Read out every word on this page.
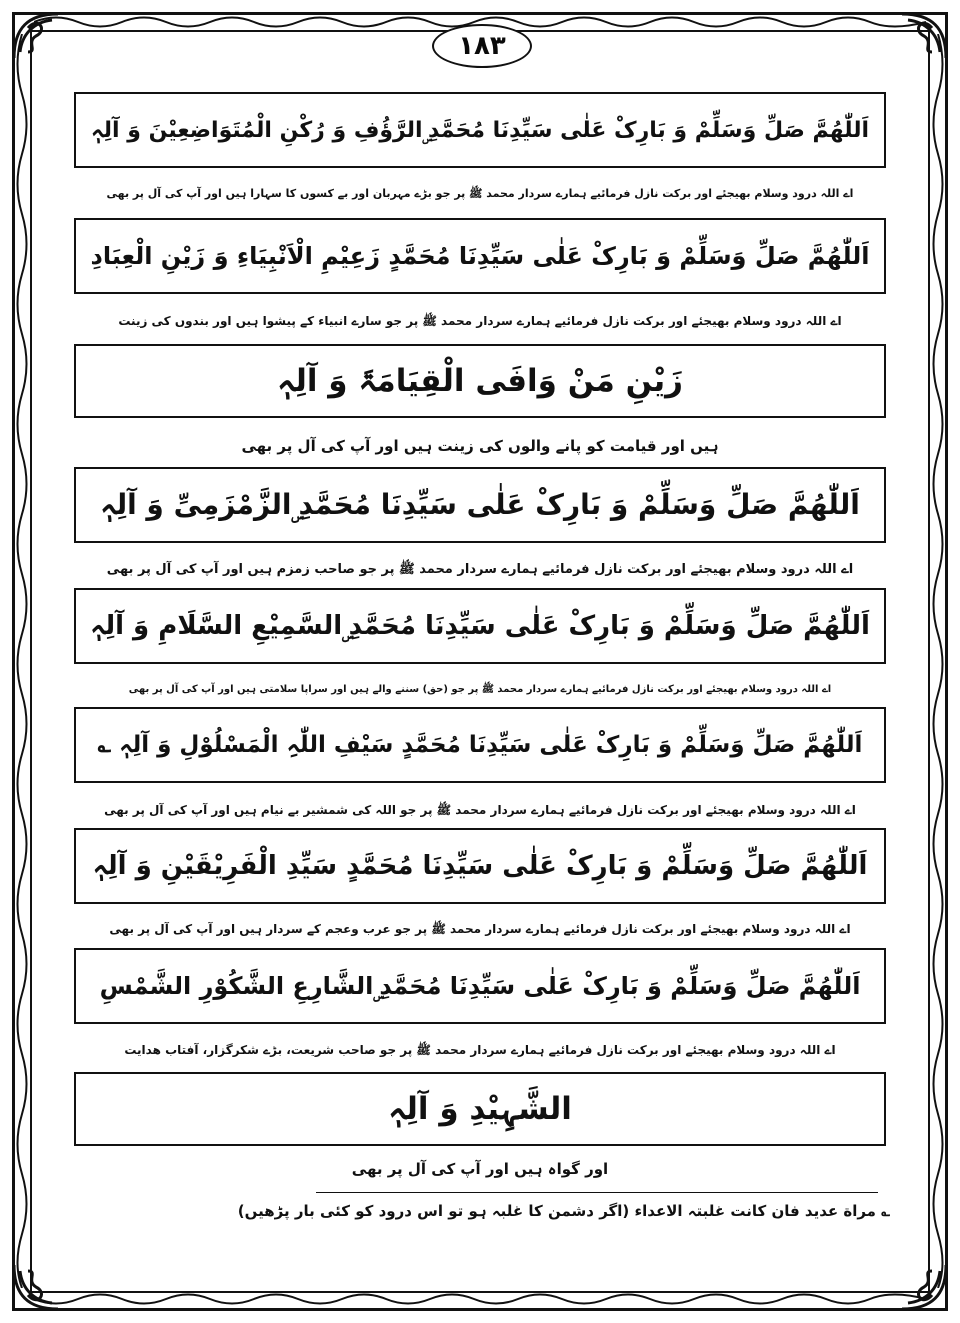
١٨٣
اَللّٰھُمَّ صَلِّ وَسَلِّمْ وَ بَارِکْ عَلٰی سَیِّدِنَا مُحَمَّدِ ۣالرَّؤُفِ وَ رُکْنِ الْمُتَوَاضِعِیْنَ وَ آلِہٖ
اے اللہ درود وسلام بھیجئے اور برکت نازل فرمائیے ہمارے سردار محمد ﷺ پر جو بڑے مہربان اور بے کسوں کا سہارا ہیں اور آپ کی آل پر بھی
اَللّٰھُمَّ صَلِّ وَسَلِّمْ وَ بَارِکْ عَلٰی سَیِّدِنَا مُحَمَّدٍ زَعِیْمِ الْاَنْبِیَاءِ وَ زَیْنِ الْعِبَادِ
اے اللہ درود وسلام بھیجئے اور برکت نازل فرمائیے ہمارے سردار محمد ﷺ پر جو سارے انبیاء کے پیشوا ہیں اور بندوں کی زینت
زَیْنِ مَنْ وَافَی الْقِیَامَۃَ وَ آلِہٖ
ہیں اور قیامت کو پانے والوں کی زینت ہیں اور آپ کی آل پر بھی
اَللّٰھُمَّ صَلِّ وَسَلِّمْ وَ بَارِکْ عَلٰی سَیِّدِنَا مُحَمَّدِ ۣالزَّمْزَمِیِّ وَ آلِہٖ
اے اللہ درود وسلام بھیجئے اور برکت نازل فرمائیے ہمارے سردار محمد ﷺ پر جو صاحب زمزم ہیں اور آپ کی آل پر بھی
اَللّٰھُمَّ صَلِّ وَسَلِّمْ وَ بَارِکْ عَلٰی سَیِّدِنَا مُحَمَّدِ ۣالسَّمِیْعِ السَّلَامِ وَ آلِہٖ
اے اللہ درود وسلام بھیجئے اور برکت نازل فرمائیے ہمارے سردار محمد ﷺ پر جو (حق) سننے والے ہیں اور سراپا سلامتی ہیں اور آپ کی آل پر بھی
اَللّٰھُمَّ صَلِّ وَسَلِّمْ وَ بَارِکْ عَلٰی سَیِّدِنَا مُحَمَّدٍ سَیْفِ اللّٰہِ الْمَسْلُوْلِ وَ آلِہٖ ؎
اے اللہ درود وسلام بھیجئے اور برکت نازل فرمائیے ہمارے سردار محمد ﷺ پر جو اللہ کی شمشیر بے نیام ہیں اور آپ کی آل پر بھی
اَللّٰھُمَّ صَلِّ وَسَلِّمْ وَ بَارِکْ عَلٰی سَیِّدِنَا مُحَمَّدٍ سَیِّدِ الْفَرِیْقَیْنِ وَ آلِہٖ
اے اللہ درود وسلام بھیجئے اور برکت نازل فرمائیے ہمارے سردار محمد ﷺ پر جو عرب وعجم کے سردار ہیں اور آپ کی آل پر بھی
اَللّٰھُمَّ صَلِّ وَسَلِّمْ وَ بَارِکْ عَلٰی سَیِّدِنَا مُحَمَّدِ ۣالشَّارِعِ الشَّکُوْرِ الشَّمْسِ
اے اللہ درود وسلام بھیجئے اور برکت نازل فرمائیے ہمارے سردار محمد ﷺ پر جو صاحب شریعت، بڑے شکرگزار، آفتاب ھدایت
الشَّہِیْدِ وَ آلِہٖ
اور گواہ ہیں اور آپ کی آل پر بھی
؎ مراة عدید فان کانت غلبتہ الاعداء (اگر دشمن کا غلبہ ہو تو اس درود کو کئی بار پڑھیں)
